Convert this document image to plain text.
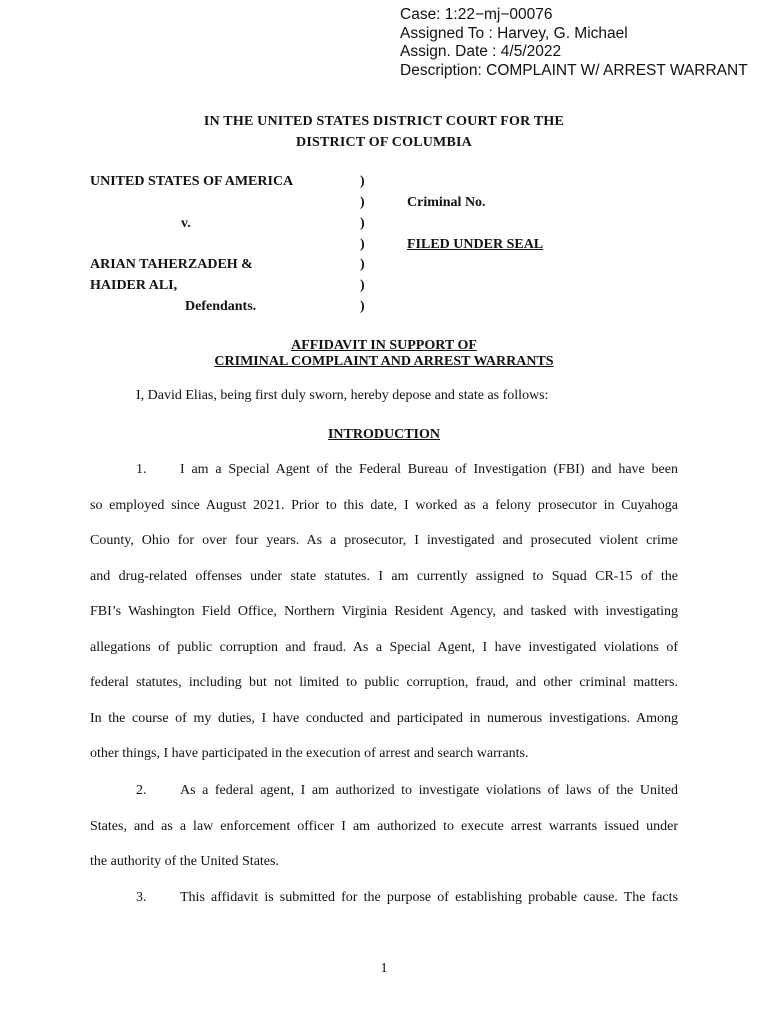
Case: 1:22−mj−00076
Assigned To : Harvey, G. Michael
Assign. Date : 4/5/2022
Description: COMPLAINT W/ ARREST WARRANT
IN THE UNITED STATES DISTRICT COURT FOR THE
DISTRICT OF COLUMBIA
UNITED STATES OF AMERICA
v.
ARIAN TAHERZADEH &
HAIDER ALI,
Defendants.
)
)
)
)
)
)
)
Criminal No.
FILED UNDER SEAL
AFFIDAVIT IN SUPPORT OF
CRIMINAL COMPLAINT AND ARREST WARRANTS
I, David Elias, being first duly sworn, hereby depose and state as follows:
INTRODUCTION
1. I am a Special Agent of the Federal Bureau of Investigation (FBI) and have been
so employed since August 2021. Prior to this date, I worked as a felony prosecutor in Cuyahoga
County, Ohio for over four years. As a prosecutor, I investigated and prosecuted violent crime
and drug-related offenses under state statutes. I am currently assigned to Squad CR-15 of the
FBI’s Washington Field Office, Northern Virginia Resident Agency, and tasked with investigating
allegations of public corruption and fraud. As a Special Agent, I have investigated violations of
federal statutes, including but not limited to public corruption, fraud, and other criminal matters.
In the course of my duties, I have conducted and participated in numerous investigations. Among
other things, I have participated in the execution of arrest and search warrants.
2. As a federal agent, I am authorized to investigate violations of laws of the United
States, and as a law enforcement officer I am authorized to execute arrest warrants issued under
the authority of the United States.
3. This affidavit is submitted for the purpose of establishing probable cause. The facts
1
